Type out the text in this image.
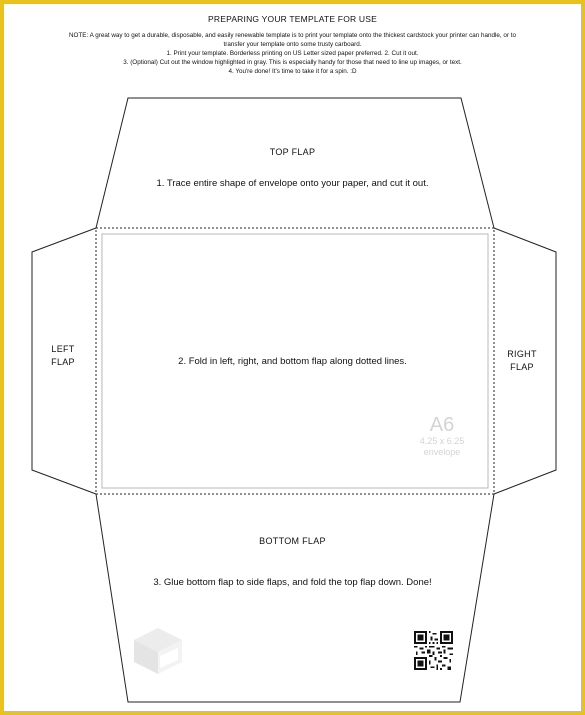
PREPARING YOUR TEMPLATE FOR USE
NOTE: A great way to get a durable, disposable, and easily renewable template is to print your template onto the thickest cardstock your printer can handle, or to
transfer your template onto some trusty carboard.
1. Print your template. Borderless printing on US Letter sized paper preferred. 2. Cut it out.
3. (Optional) Cut out the window highlighted in gray. This is especially handy for those that need to line up images, or text.
4. You're done! It's time to take it for a spin. :D
TOP FLAP
1. Trace entire shape of envelope onto your paper, and cut it out.
LEFT
FLAP
RIGHT
FLAP
2. Fold in left, right, and bottom flap along dotted lines.
A6
4.25 x 6.25
envelope
BOTTOM FLAP
3. Glue bottom flap to side flaps, and fold the top flap down. Done!
